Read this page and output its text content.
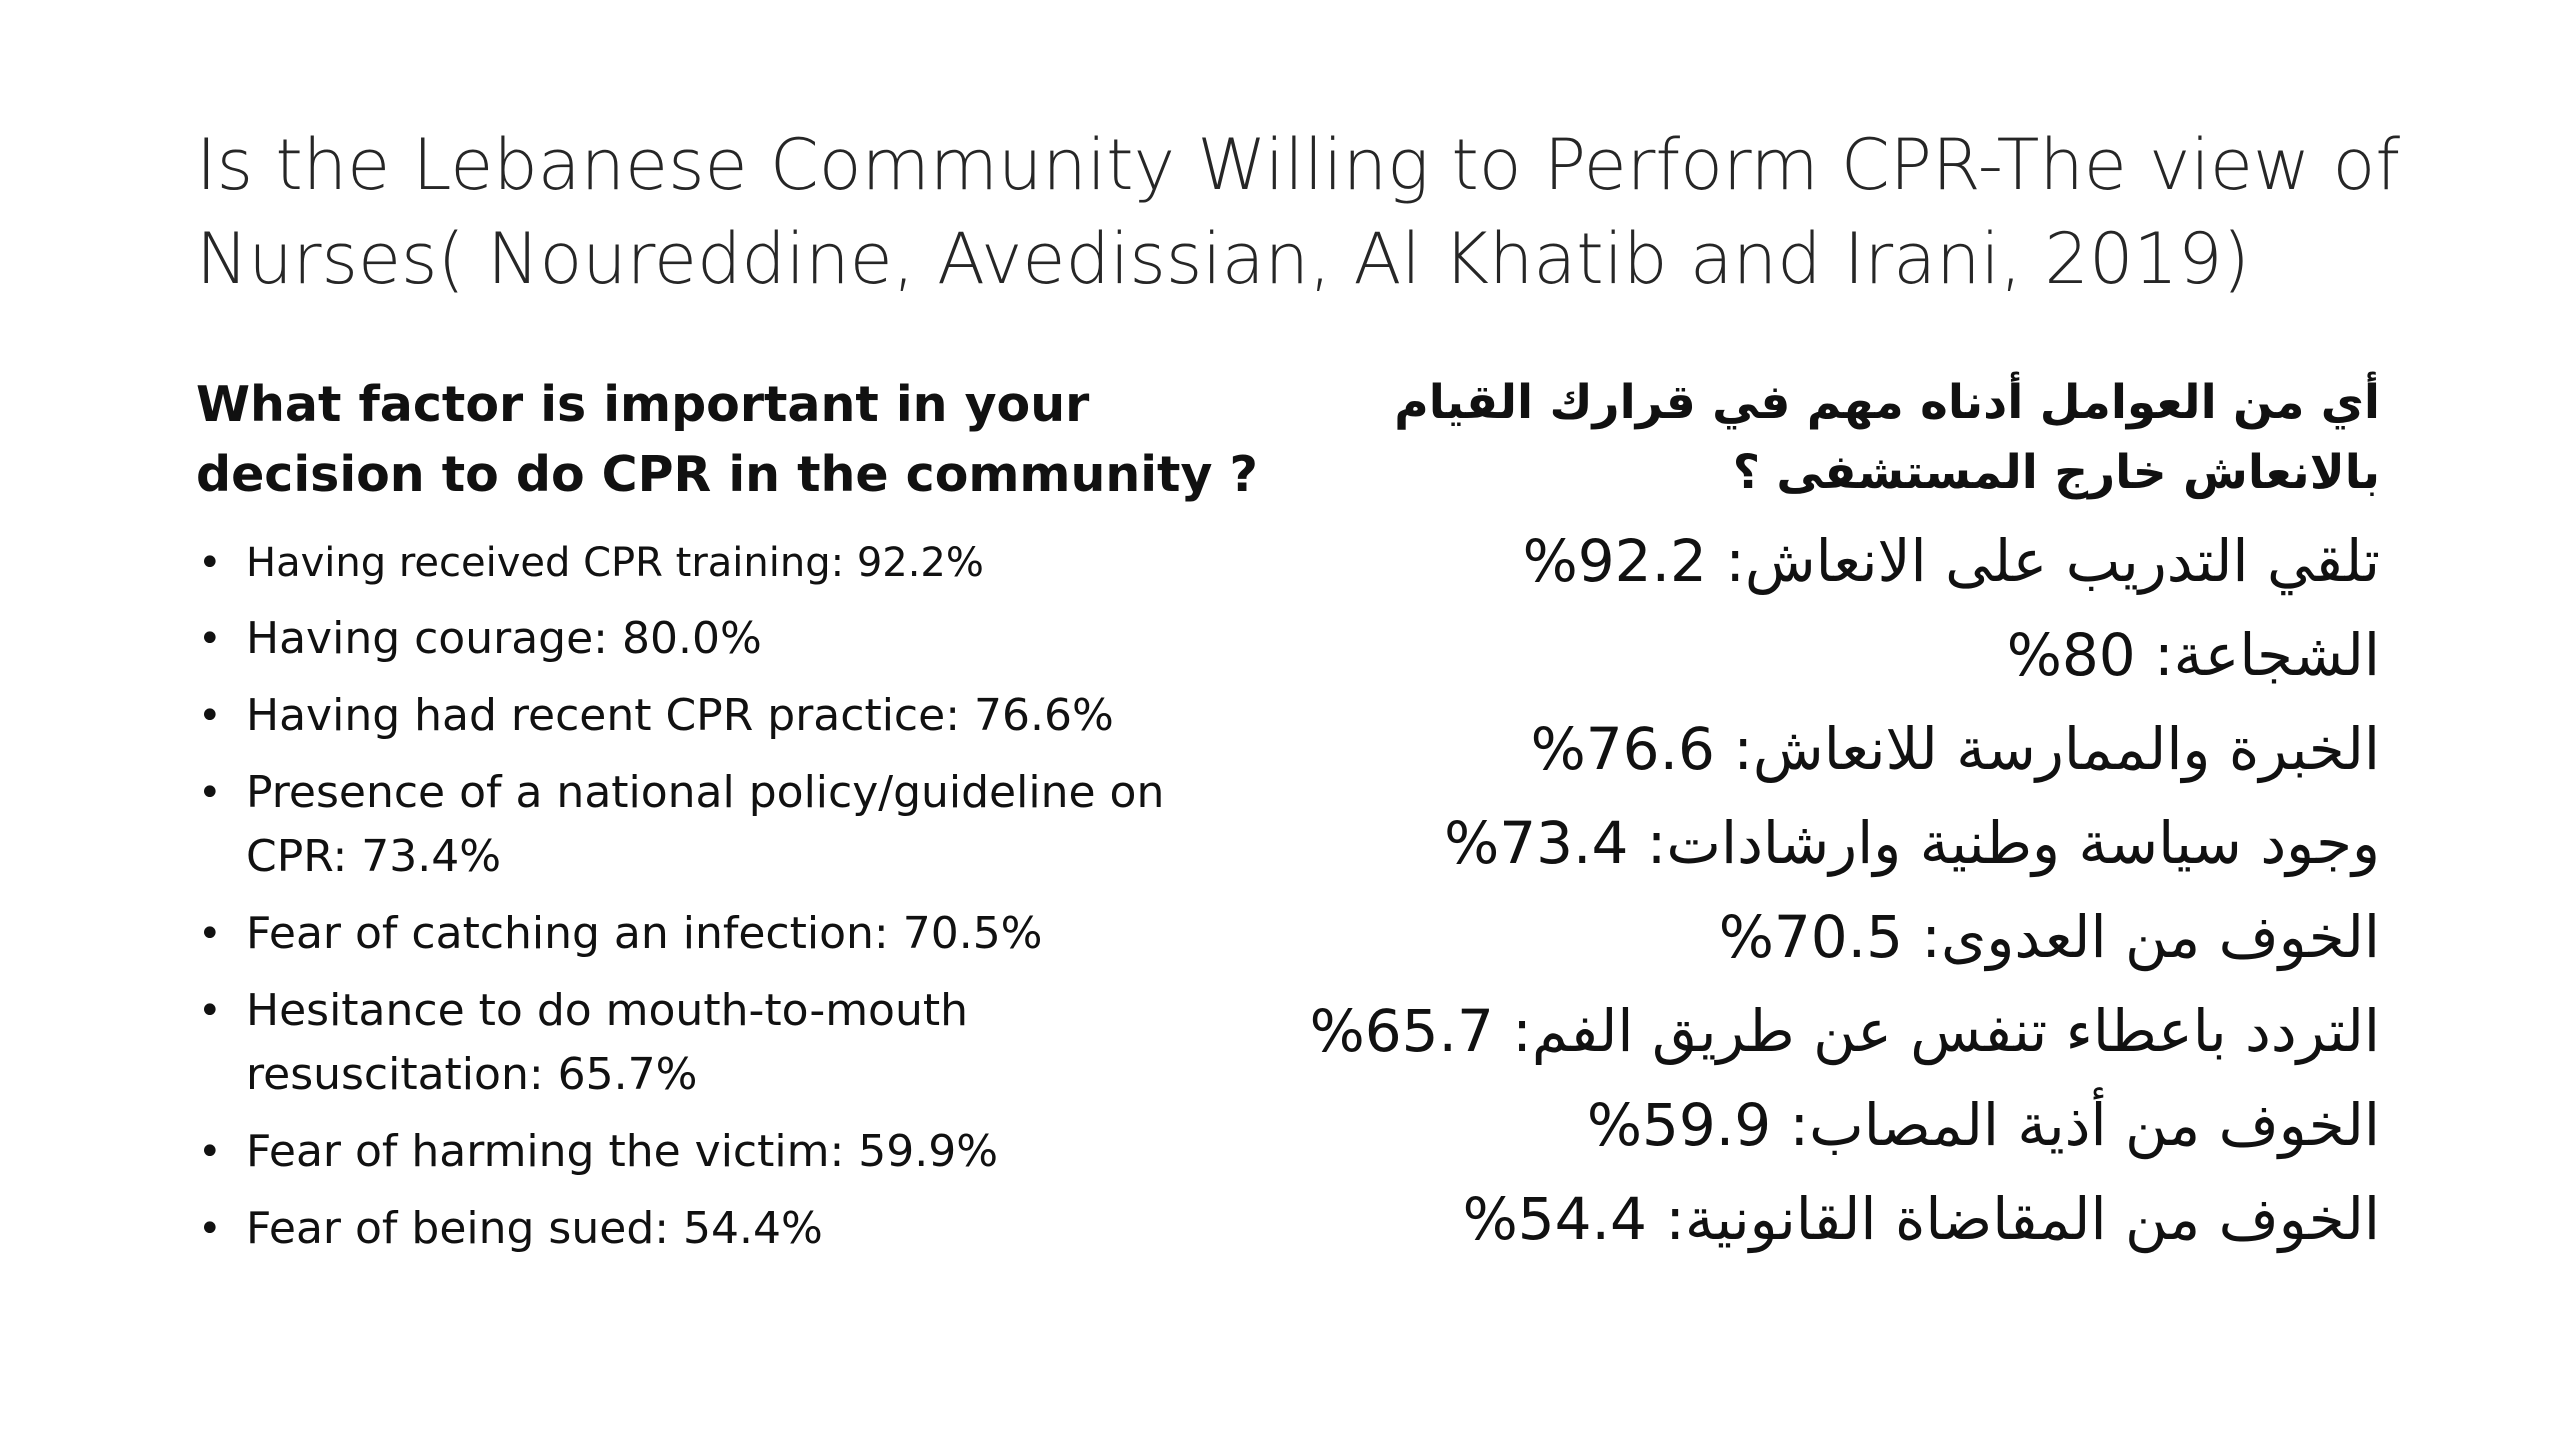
Is the Lebanese Community Willing to Perform CPR-The view of
Nurses( Noureddine, Avedissian, Al Khatib and Irani, 2019)
What factor is important in your decision to do CPR in the community ?
• Having received CPR training: 92.2%
• Having courage: 80.0%
• Having had recent CPR practice: 76.6%
• Presence of a national policy/guideline on CPR: 73.4%
• Fear of catching an infection: 70.5%
• Hesitance to do mouth-to-mouth resuscitation: 65.7%
• Fear of harming the victim: 59.9%
• Fear of being sued: 54.4%
أي من العوامل أدناه مهم في قرارك القيام بالانعاش خارج المستشفى ؟
تلقي التدريب على الانعاش: 92.2%
الشجاعة: 80%
الخبرة والممارسة للانعاش: 76.6%
وجود سياسة وطنية وارشادات: 73.4%
الخوف من العدوى: 70.5%
التردد باعطاء تنفس عن طريق الفم: 65.7%
الخوف من أذية المصاب: 59.9%
الخوف من المقاضاة القانونية: 54.4%
